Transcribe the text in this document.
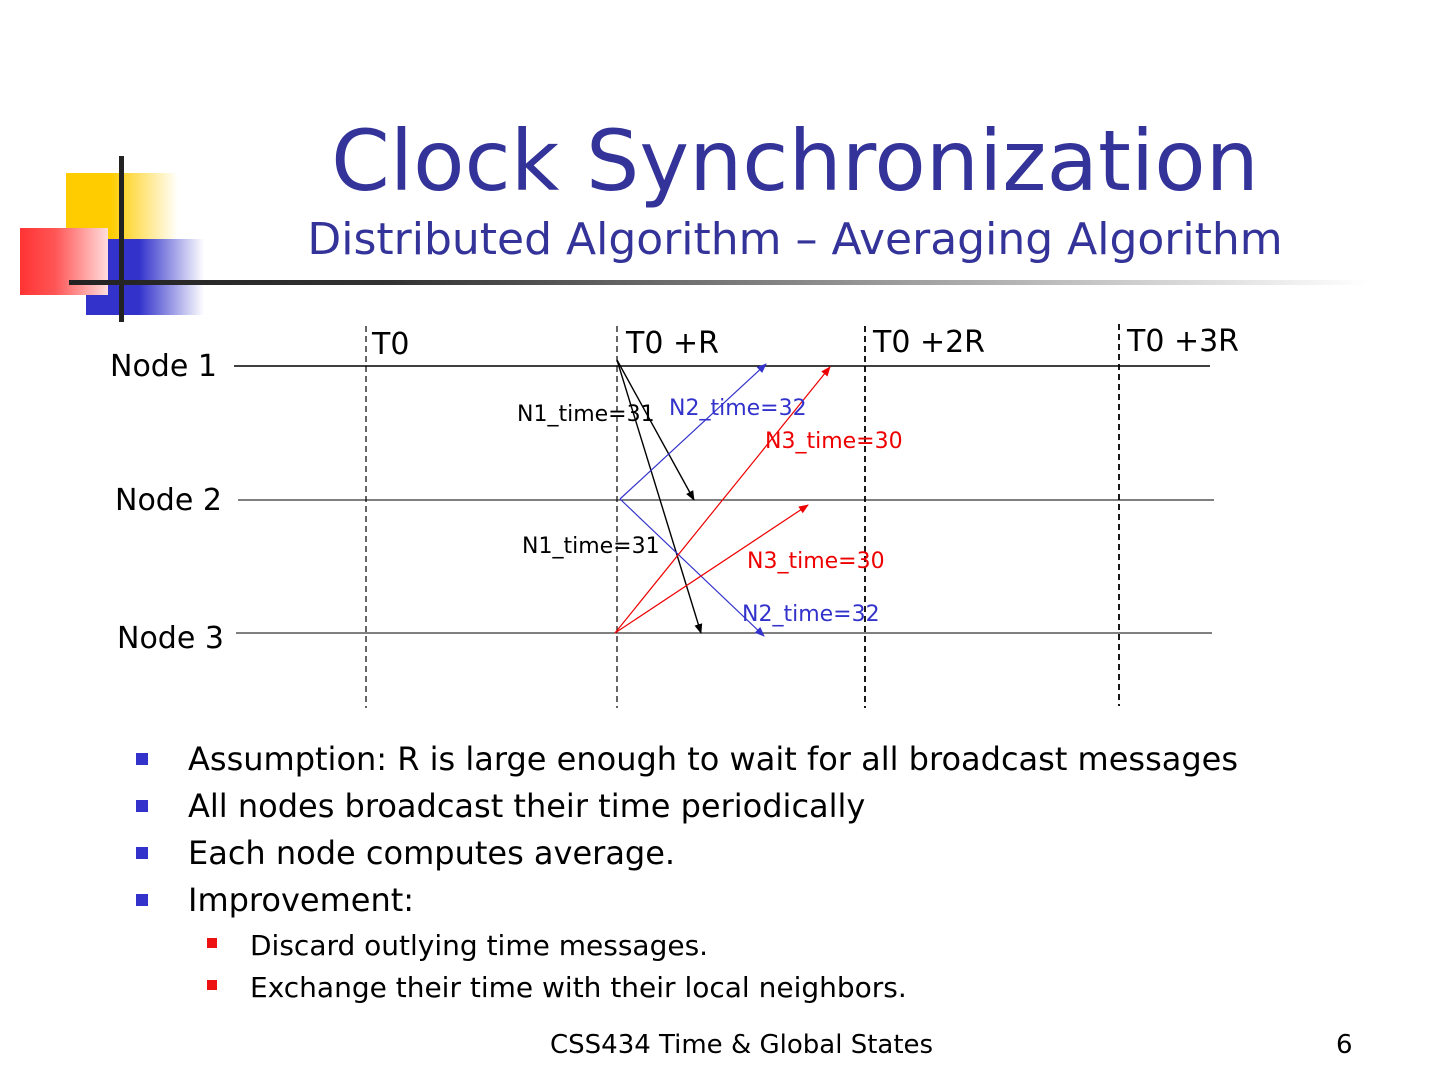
Clock Synchronization
Distributed Algorithm – Averaging Algorithm
T0	T0 +R	T0 +2R	T0 +3R
Node 1
Node 2
Node 3
N1_time=31
N1_time=31
N2_time=32
N2_time=32
N3_time=30
N3_time=30
Assumption: R is large enough to wait for all broadcast messages
All nodes broadcast their time periodically
Each node computes average.
Improvement:
Discard outlying time messages.
Exchange their time with their local neighbors.
CSS434 Time & Global States	6
